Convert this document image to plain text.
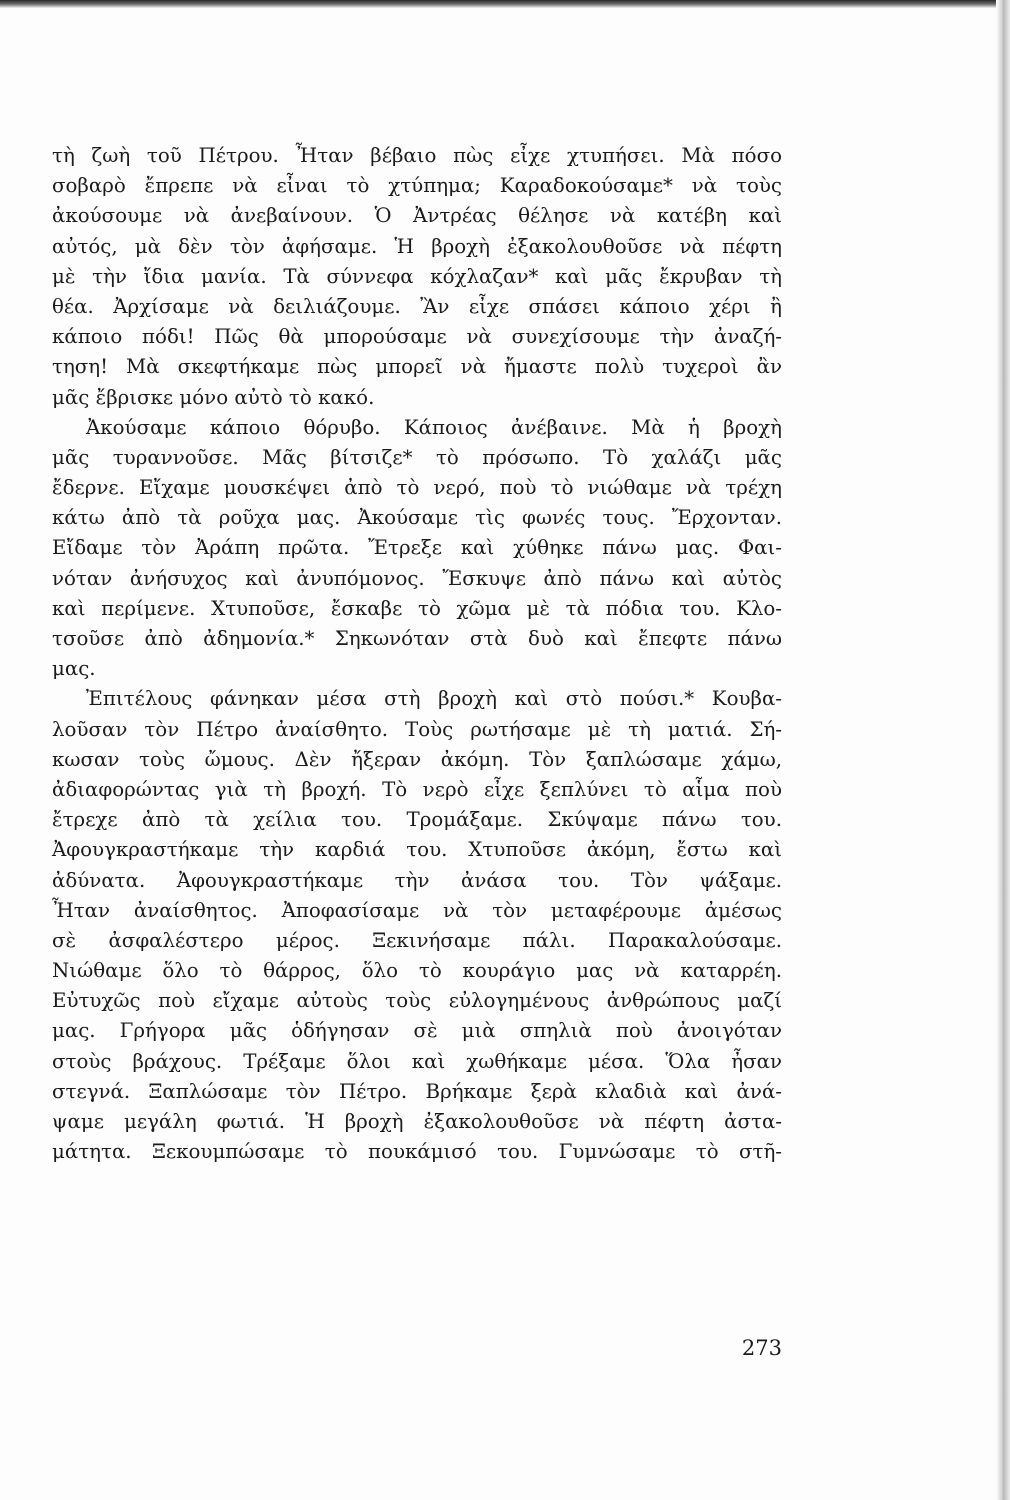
τὴ ζωὴ τοῦ Πέτρου. Ἦταν βέβαιο πὼς εἶχε χτυπήσει. Μὰ πόσο
σοβαρὸ ἔπρεπε νὰ εἶναι τὸ χτύπημα; Καραδοκούσαμε* νὰ τοὺς
ἀκούσουμε νὰ ἀνεβαίνουν. Ὁ Ἀντρέας θέλησε νὰ κατέβη καὶ
αὐτός, μὰ δὲν τὸν ἀφήσαμε. Ἡ βροχὴ ἐξακολουθοῦσε νὰ πέφτη
μὲ τὴν ἴδια μανία. Τὰ σύννεφα κόχλαζαν* καὶ μᾶς ἔκρυβαν τὴ
θέα. Ἀρχίσαμε νὰ δειλιάζουμε. Ἂν εἶχε σπάσει κάποιο χέρι ἢ
κάποιο πόδι! Πῶς θὰ μπορούσαμε νὰ συνεχίσουμε τὴν ἀναζή-
τηση! Μὰ σκεφτήκαμε πὼς μπορεῖ νὰ ἤμαστε πολὺ τυχεροὶ ἂν
μᾶς ἔβρισκε μόνο αὐτὸ τὸ κακό.
Ἀκούσαμε κάποιο θόρυβο. Κάποιος ἀνέβαινε. Μὰ ἡ βροχὴ
μᾶς τυραννοῦσε. Μᾶς βίτσιζε* τὸ πρόσωπο. Τὸ χαλάζι μᾶς
ἔδερνε. Εἴχαμε μουσκέψει ἀπὸ τὸ νερό, ποὺ τὸ νιώθαμε νὰ τρέχη
κάτω ἀπὸ τὰ ροῦχα μας. Ἀκούσαμε τὶς φωνές τους. Ἔρχονταν.
Εἴδαμε τὸν Ἀράπη πρῶτα. Ἔτρεξε καὶ χύθηκε πάνω μας. Φαι-
νόταν ἀνήσυχος καὶ ἀνυπόμονος. Ἔσκυψε ἀπὸ πάνω καὶ αὐτὸς
καὶ περίμενε. Χτυποῦσε, ἔσκαβε τὸ χῶμα μὲ τὰ πόδια του. Κλο-
τσοῦσε ἀπὸ ἀδημονία.* Σηκωνόταν στὰ δυὸ καὶ ἔπεφτε πάνω
μας.
Ἐπιτέλους φάνηκαν μέσα στὴ βροχὴ καὶ στὸ πούσι.* Κουβα-
λοῦσαν τὸν Πέτρο ἀναίσθητο. Τοὺς ρωτήσαμε μὲ τὴ ματιά. Σή-
κωσαν τοὺς ὤμους. Δὲν ἤξεραν ἀκόμη. Τὸν ξαπλώσαμε χάμω,
ἀδιαφορώντας γιὰ τὴ βροχή. Τὸ νερὸ εἶχε ξεπλύνει τὸ αἷμα ποὺ
ἔτρεχε ἀπὸ τὰ χείλια του. Τρομάξαμε. Σκύψαμε πάνω του.
Ἀφουγκραστήκαμε τὴν καρδιά του. Χτυποῦσε ἀκόμη, ἔστω καὶ
ἀδύνατα. Ἀφουγκραστήκαμε τὴν ἀνάσα του. Τὸν ψάξαμε.
Ἦταν ἀναίσθητος. Ἀποφασίσαμε νὰ τὸν μεταφέρουμε ἀμέσως
σὲ ἀσφαλέστερο μέρος. Ξεκινήσαμε πάλι. Παρακαλούσαμε.
Νιώθαμε ὅλο τὸ θάρρος, ὅλο τὸ κουράγιο μας νὰ καταρρέη.
Εὐτυχῶς ποὺ εἴχαμε αὐτοὺς τοὺς εὐλογημένους ἀνθρώπους μαζί
μας. Γρήγορα μᾶς ὁδήγησαν σὲ μιὰ σπηλιὰ ποὺ ἀνοιγόταν
στοὺς βράχους. Τρέξαμε ὅλοι καὶ χωθήκαμε μέσα. Ὅλα ἦσαν
στεγνά. Ξαπλώσαμε τὸν Πέτρο. Βρήκαμε ξερὰ κλαδιὰ καὶ ἀνά-
ψαμε μεγάλη φωτιά. Ἡ βροχὴ ἐξακολουθοῦσε νὰ πέφτη ἀστα-
μάτητα. Ξεκουμπώσαμε τὸ πουκάμισό του. Γυμνώσαμε τὸ στῆ-
273
